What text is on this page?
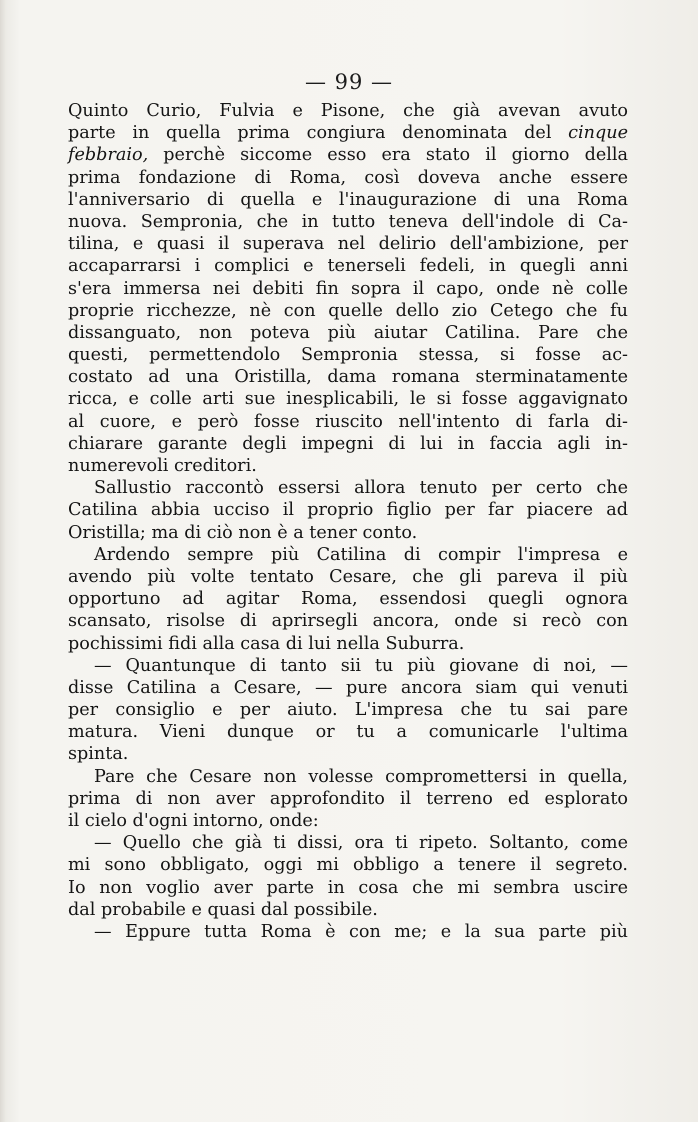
— 99 —
Quinto Curio, Fulvia e Pisone, che già avevan avuto
parte in quella prima congiura denominata del cinque
febbraio, perchè siccome esso era stato il giorno della
prima fondazione di Roma, così doveva anche essere
l'anniversario di quella e l'inaugurazione di una Roma
nuova. Sempronia, che in tutto teneva dell'indole di Ca-
tilina, e quasi il superava nel delirio dell'ambizione, per
accaparrarsi i complici e tenerseli fedeli, in quegli anni
s'era immersa nei debiti fin sopra il capo, onde nè colle
proprie ricchezze, nè con quelle dello zio Cetego che fu
dissanguato, non poteva più aiutar Catilina. Pare che
questi, permettendolo Sempronia stessa, si fosse ac-
costato ad una Oristilla, dama romana sterminatamente
ricca, e colle arti sue inesplicabili, le si fosse aggavignato
al cuore, e però fosse riuscito nell'intento di farla di-
chiarare garante degli impegni di lui in faccia agli in-
numerevoli creditori.
Sallustio raccontò essersi allora tenuto per certo che
Catilina abbia ucciso il proprio figlio per far piacere ad
Oristilla; ma di ciò non è a tener conto.
Ardendo sempre più Catilina di compir l'impresa e
avendo più volte tentato Cesare, che gli pareva il più
opportuno ad agitar Roma, essendosi quegli ognora
scansato, risolse di aprirsegli ancora, onde si recò con
pochissimi fidi alla casa di lui nella Suburra.
— Quantunque di tanto sii tu più giovane di noi, —
disse Catilina a Cesare, — pure ancora siam qui venuti
per consiglio e per aiuto. L'impresa che tu sai pare
matura. Vieni dunque or tu a comunicarle l'ultima
spinta.
Pare che Cesare non volesse compromettersi in quella,
prima di non aver approfondito il terreno ed esplorato
il cielo d'ogni intorno, onde:
— Quello che già ti dissi, ora ti ripeto. Soltanto, come
mi sono obbligato, oggi mi obbligo a tenere il segreto.
Io non voglio aver parte in cosa che mi sembra uscire
dal probabile e quasi dal possibile.
— Eppure tutta Roma è con me; e la sua parte più
